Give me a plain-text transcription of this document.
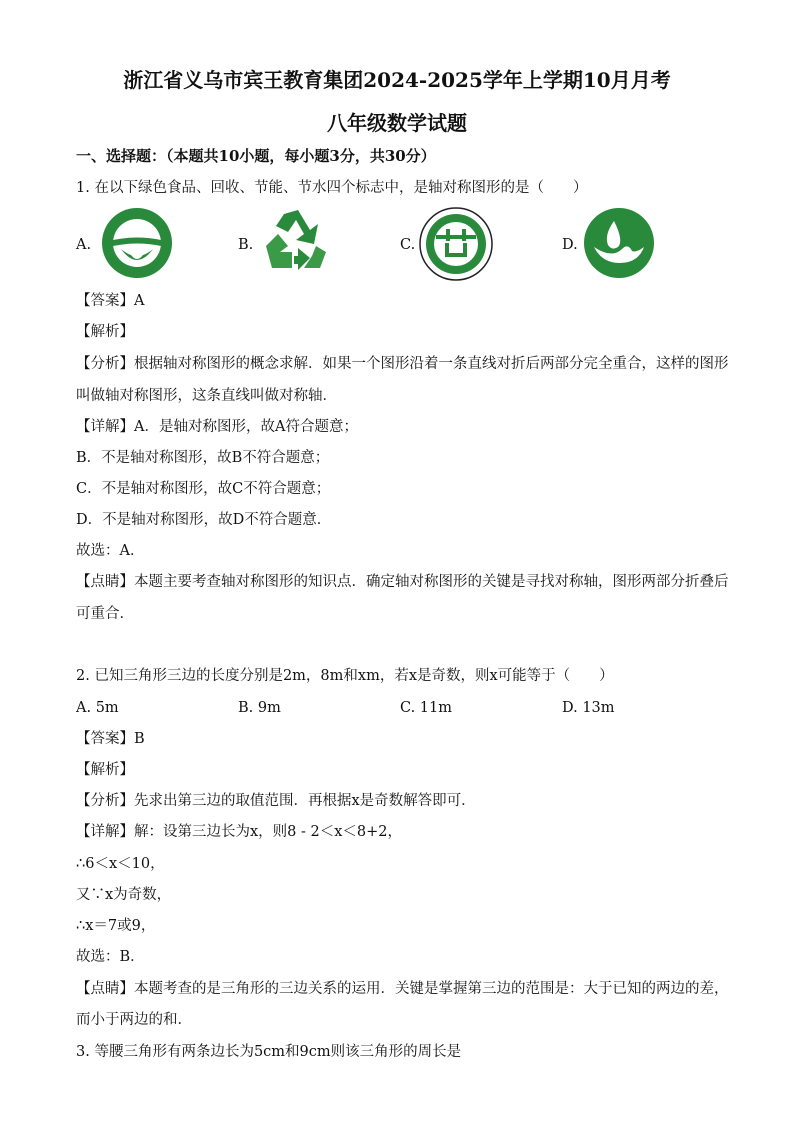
浙江省义乌市宾王教育集团2024-2025学年上学期10月月考
八年级数学试题
一、选择题：（本题共10小题，每小题3分，共30分）
1. 在以下绿色食品、回收、节能、节水四个标志中，是轴对称图形的是（　　）
A.	B.	C.	D.
【答案】A
【解析】
【分析】根据轴对称图形的概念求解．如果一个图形沿着一条直线对折后两部分完全重合，这样的图形
叫做轴对称图形，这条直线叫做对称轴．
【详解】A．是轴对称图形，故A符合题意；
B．不是轴对称图形，故B不符合题意；
C．不是轴对称图形，故C不符合题意；
D．不是轴对称图形，故D不符合题意．
故选：A．
【点睛】本题主要考查轴对称图形的知识点．确定轴对称图形的关键是寻找对称轴，图形两部分折叠后
可重合．
2. 已知三角形三边的长度分别是2m，8m和xm，若x是奇数，则x可能等于（　　）
A. 5m	B. 9m	C. 11m	D. 13m
【答案】B
【解析】
【分析】先求出第三边的取值范围．再根据x是奇数解答即可．
【详解】解：设第三边长为x，则8 - 2＜x＜8+2，
∴6＜x＜10，
又∵x为奇数，
∴x＝7或9，
故选：B．
【点睛】本题考查的是三角形的三边关系的运用．关键是掌握第三边的范围是：大于已知的两边的差，
而小于两边的和．
3. 等腰三角形有两条边长为5cm和9cm则该三角形的周长是
